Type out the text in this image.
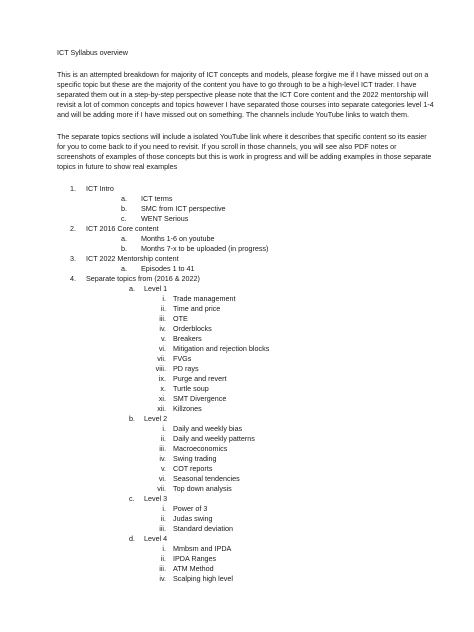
ICT Syllabus overview
This is an attempted breakdown for majority of ICT concepts and models, please forgive me if I have missed out on a specific topic but these are the majority of the content you have to go through to be a high-level ICT trader. I have separated them out in a step-by-step perspective please note that the ICT Core content and the 2022 mentorship will revisit a lot of common concepts and topics however I have separated those courses into separate categories level 1-4 and will be adding more if I have missed out on something. The channels include YouTube links to watch them.
The separate topics sections will include a isolated YouTube link where it describes that specific content so its easier for you to come back to if you need to revisit. If you scroll in those channels, you will see also PDF notes or screenshots of examples of those concepts but this is work in progress and will be adding examples in those separate topics in future to show real examples
1. ICT Intro
a. ICT terms
b. SMC from ICT perspective
c. WENT Serious
2. ICT 2016 Core content
a. Months 1-6 on youtube
b. Months 7-x to be uploaded (in progress)
3. ICT 2022 Mentorship content
a. Episodes 1 to 41
4. Separate topics from (2016 & 2022)
a. Level 1
i. Trade management
ii. Time and price
iii. OTE
iv. Orderblocks
v. Breakers
vi. Mitigation and rejection blocks
vii. FVGs
viii. PD rays
ix. Purge and revert
x. Turtle soup
xi. SMT Divergence
xii. Killzones
b. Level 2
i. Daily and weekly bias
ii. Daily and weekly patterns
iii. Macroeconomics
iv. Swing trading
v. COT reports
vi. Seasonal tendencies
vii. Top down analysis
c. Level 3
i. Power of 3
ii. Judas swing
iii. Standard deviation
d. Level 4
i. Mmbsm and IPDA
ii. IPDA Ranges
iii. ATM Method
iv. Scalping high level
